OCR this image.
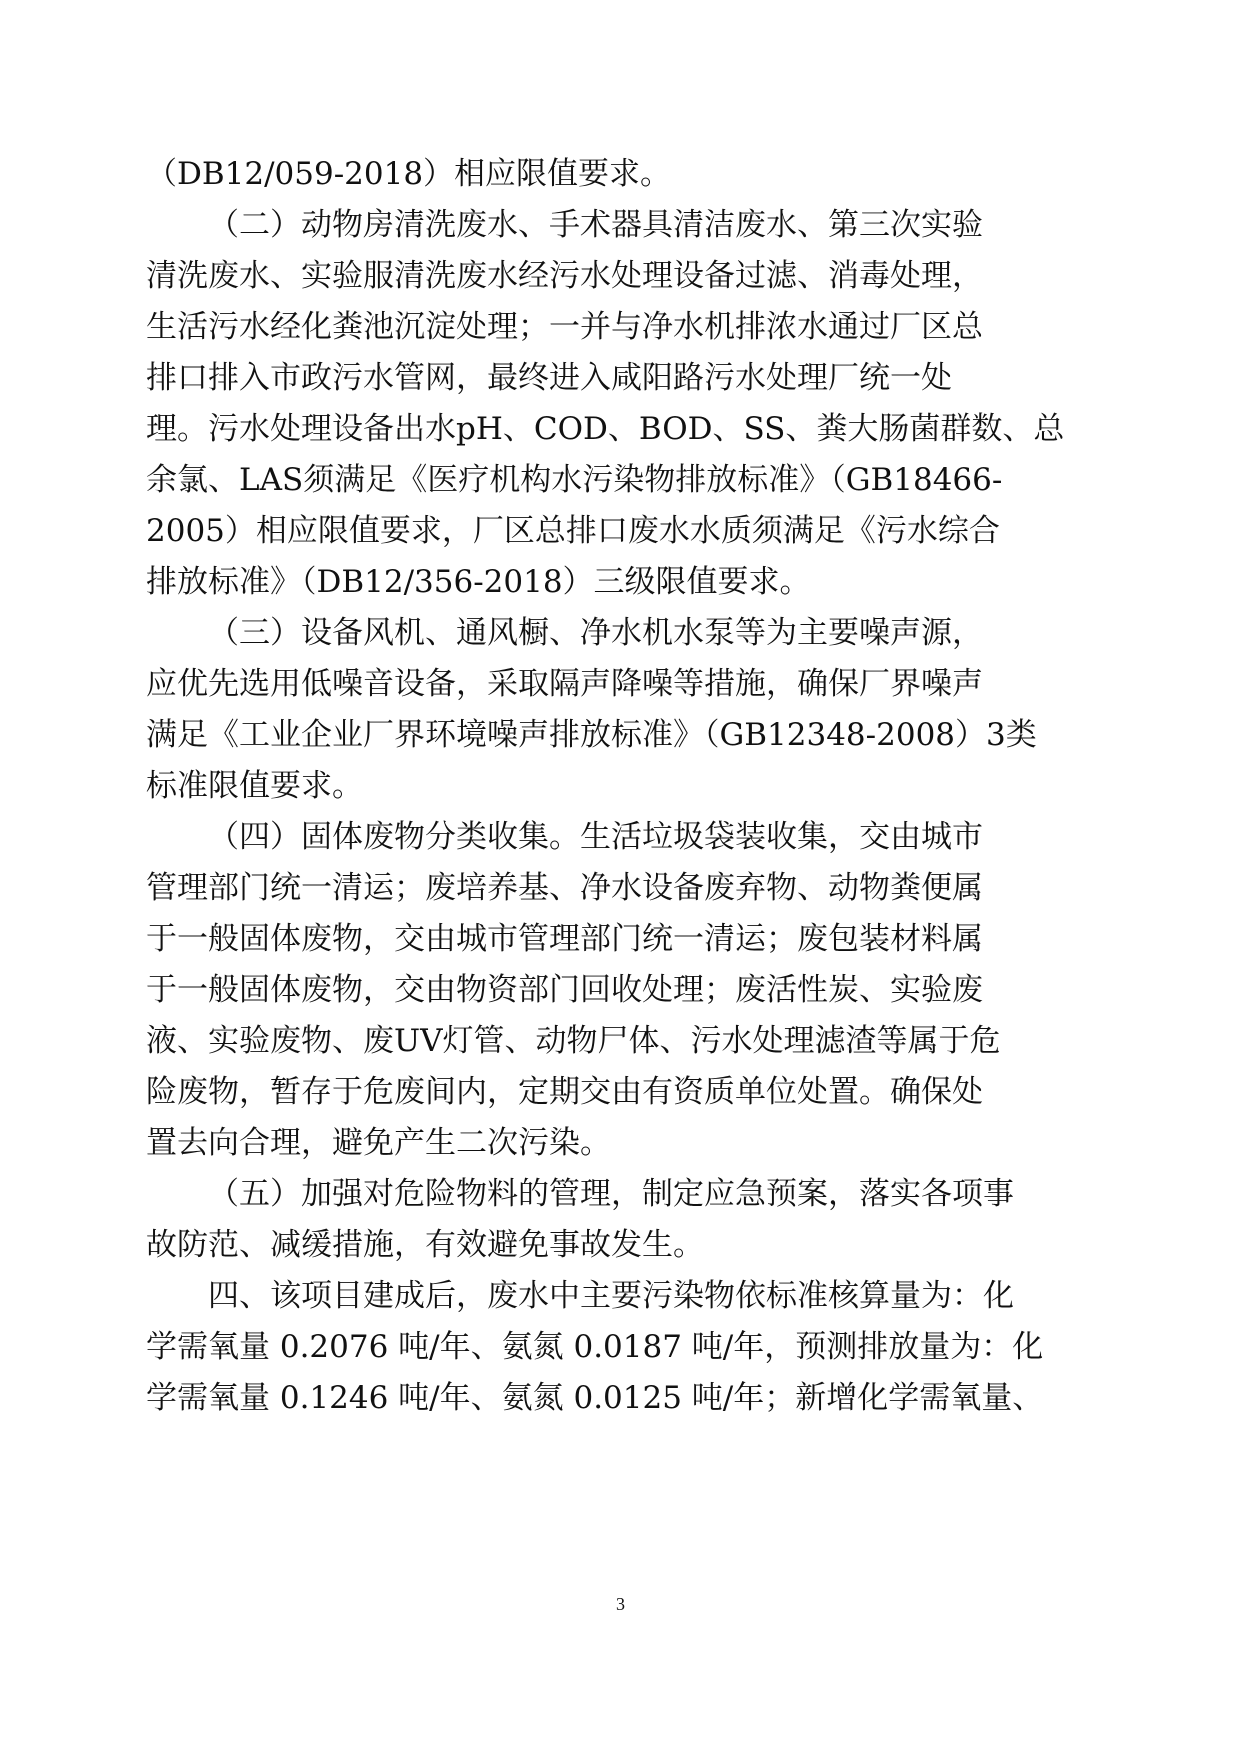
（DB12/059-2018）相应限值要求。
（二）动物房清洗废水、手术器具清洁废水、第三次实验
清洗废水、实验服清洗废水经污水处理设备过滤、消毒处理，
生活污水经化粪池沉淀处理；一并与净水机排浓水通过厂区总
排口排入市政污水管网，最终进入咸阳路污水处理厂统一处
理。污水处理设备出水pH、COD、BOD、SS、粪大肠菌群数、总
余氯、LAS须满足《医疗机构水污染物排放标准》（GB18466-
2005）相应限值要求，厂区总排口废水水质须满足《污水综合
排放标准》（DB12/356-2018）三级限值要求。
（三）设备风机、通风橱、净水机水泵等为主要噪声源，
应优先选用低噪音设备，采取隔声降噪等措施，确保厂界噪声
满足《工业企业厂界环境噪声排放标准》（GB12348-2008）3类
标准限值要求。
（四）固体废物分类收集。生活垃圾袋装收集，交由城市
管理部门统一清运；废培养基、净水设备废弃物、动物粪便属
于一般固体废物，交由城市管理部门统一清运；废包装材料属
于一般固体废物，交由物资部门回收处理；废活性炭、实验废
液、实验废物、废UV灯管、动物尸体、污水处理滤渣等属于危
险废物，暂存于危废间内，定期交由有资质单位处置。确保处
置去向合理，避免产生二次污染。
（五）加强对危险物料的管理，制定应急预案，落实各项事
故防范、减缓措施，有效避免事故发生。
四、该项目建成后，废水中主要污染物依标准核算量为：化
学需氧量 0.2076 吨/年、氨氮 0.0187 吨/年，预测排放量为：化
学需氧量 0.1246 吨/年、氨氮 0.0125 吨/年；新增化学需氧量、
3
